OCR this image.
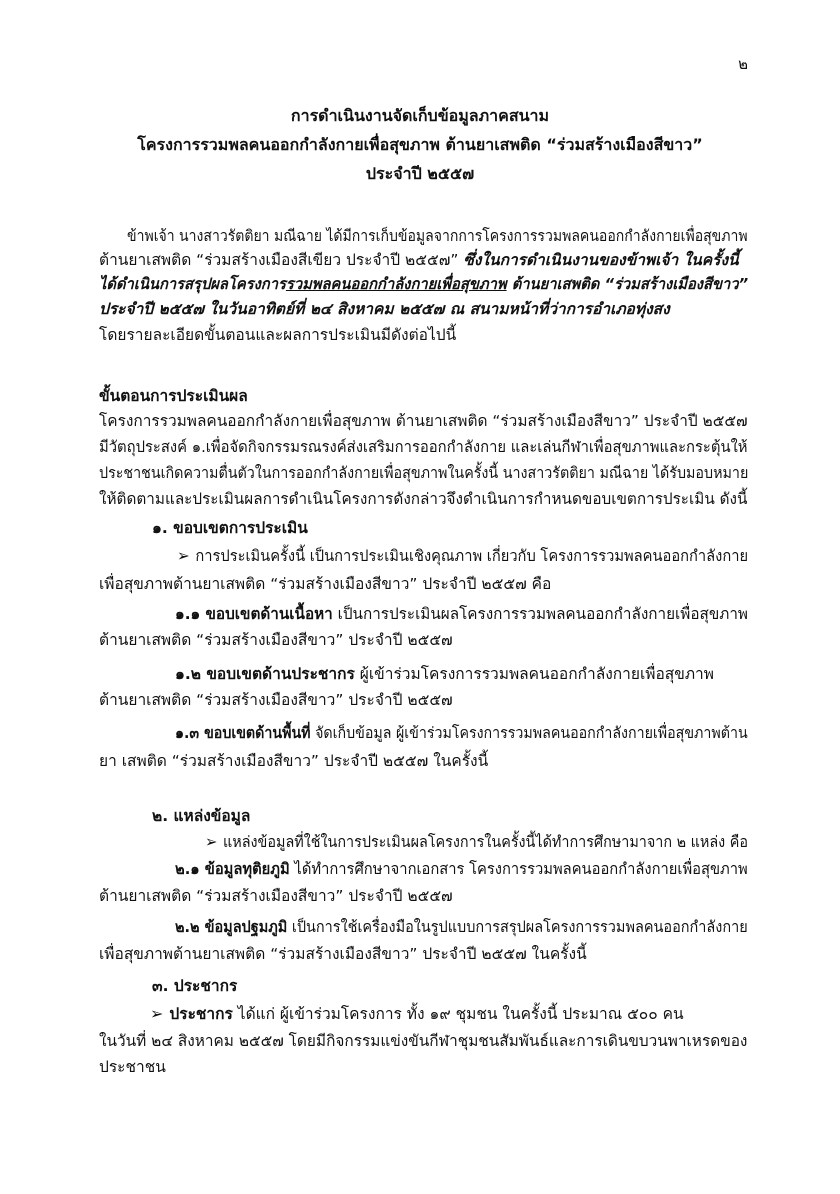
๒
การดำเนินงานจัดเก็บข้อมูลภาคสนาม
โครงการรวมพลคนออกกำลังกายเพื่อสุขภาพ ต้านยาเสพติด “ร่วมสร้างเมืองสีขาว”
ประจำปี ๒๕๕๗
ข้าพเจ้า นางสาวรัตติยา มณีฉาย ได้มีการเก็บข้อมูลจากการโครงการรวมพลคนออกกำลังกายเพื่อสุขภาพ
ต้านยาเสพติด “ร่วมสร้างเมืองสีเขียว ประจำปี ๒๕๕๗” ซึ่งในการดำเนินงานของข้าพเจ้า ในครั้งนี้
ได้ดำเนินการสรุปผลโครงการรวมพลคนออกกำลังกายเพื่อสุขภาพ ต้านยาเสพติด “ร่วมสร้างเมืองสีขาว”
ประจำปี ๒๕๕๗ ในวันอาทิตย์ที่ ๒๔ สิงหาคม ๒๕๕๗ ณ สนามหน้าที่ว่าการอำเภอทุ่งสง
โดยรายละเอียดขั้นตอนและผลการประเมินมีดังต่อไปนี้
ขั้นตอนการประเมินผล
โครงการรวมพลคนออกกำลังกายเพื่อสุขภาพ ต้านยาเสพติด “ร่วมสร้างเมืองสีขาว” ประจำปี ๒๕๕๗
มีวัตถุประสงค์ ๑.เพื่อจัดกิจกรรมรณรงค์ส่งเสริมการออกกำลังกาย และเล่นกีฬาเพื่อสุขภาพและกระตุ้นให้
ประชาชนเกิดความตื่นตัวในการออกกำลังกายเพื่อสุขภาพในครั้งนี้ นางสาวรัตติยา มณีฉาย ได้รับมอบหมาย
ให้ติดตามและประเมินผลการดำเนินโครงการดังกล่าวจึงดำเนินการกำหนดขอบเขตการประเมิน ดังนี้
๑. ขอบเขตการประเมิน
➢ การประเมินครั้งนี้ เป็นการประเมินเชิงคุณภาพ เกี่ยวกับ โครงการรวมพลคนออกกำลังกาย
เพื่อสุขภาพต้านยาเสพติด “ร่วมสร้างเมืองสีขาว” ประจำปี ๒๕๕๗ คือ
๑.๑ ขอบเขตด้านเนื้อหา เป็นการประเมินผลโครงการรวมพลคนออกกำลังกายเพื่อสุขภาพ
ต้านยาเสพติด “ร่วมสร้างเมืองสีขาว” ประจำปี ๒๕๕๗
๑.๒ ขอบเขตด้านประชากร ผู้เข้าร่วมโครงการรวมพลคนออกกำลังกายเพื่อสุขภาพ
ต้านยาเสพติด “ร่วมสร้างเมืองสีขาว” ประจำปี ๒๕๕๗
๑.๓ ขอบเขตด้านพื้นที่ จัดเก็บข้อมูล ผู้เข้าร่วมโครงการรวมพลคนออกกำลังกายเพื่อสุขภาพต้าน
ยา เสพติด “ร่วมสร้างเมืองสีขาว” ประจำปี ๒๕๕๗ ในครั้งนี้
๒. แหล่งข้อมูล
➢ แหล่งข้อมูลที่ใช้ในการประเมินผลโครงการในครั้งนี้ได้ทำการศึกษามาจาก ๒ แหล่ง คือ
๒.๑ ข้อมูลทุติยภูมิ ได้ทำการศึกษาจากเอกสาร โครงการรวมพลคนออกกำลังกายเพื่อสุขภาพ
ต้านยาเสพติด “ร่วมสร้างเมืองสีขาว” ประจำปี ๒๕๕๗
๒.๒ ข้อมูลปฐมภูมิ เป็นการใช้เครื่องมือในรูปแบบการสรุปผลโครงการรวมพลคนออกกำลังกาย
เพื่อสุขภาพต้านยาเสพติด “ร่วมสร้างเมืองสีขาว” ประจำปี ๒๕๕๗ ในครั้งนี้
๓. ประชากร
➢ ประชากร ได้แก่ ผู้เข้าร่วมโครงการ ทั้ง ๑๙ ชุมชน ในครั้งนี้ ประมาณ ๕๐๐ คน
ในวันที่ ๒๔ สิงหาคม ๒๕๕๗ โดยมีกิจกรรมแข่งขันกีฬาชุมชนสัมพันธ์และการเดินขบวนพาเหรดของ
ประชาชน
